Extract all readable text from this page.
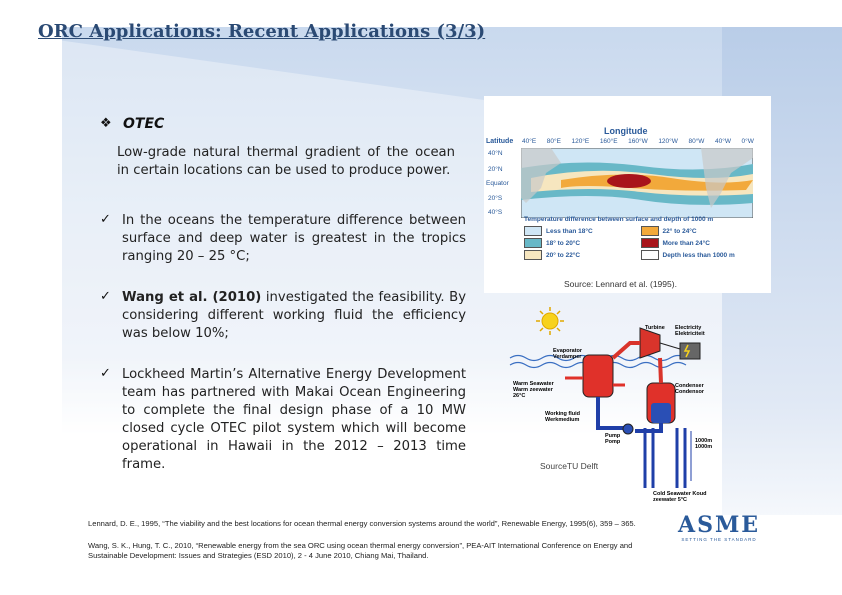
ORC Applications: Recent Applications (3/3)
❖ OTEC
Low-grade natural thermal gradient of the ocean in certain locations can be used to produce power.
✓ In the oceans the temperature difference between surface and deep water is greatest in the tropics ranging 20 – 25 °C;
✓ Wang et al. (2010) investigated the feasibility. By considering different working fluid the efficiency was below 10%;
✓ Lockheed Martin’s Alternative Energy Development team has partnered with Makai Ocean Engineering to complete the final design phase of a 10 MW closed cycle OTEC pilot system which will become operational in Hawaii in the 2012 – 2013 time frame.
Longitude
Latitude 40°E 80°E 120°E 160°E 160°W 120°W 80°W 40°W 0°W
40°N
20°N
Equator
20°S
40°S
Temperature difference between surface and depth of 1000 m
Less than 18°C	22° to 24°C
18° to 20°C	More than 24°C
20° to 22°C	Depth less than 1000 m
Source: Lennard et al. (1995).
Turbine Electricity Elektriciteit
Evaporator Verdamper
Warm Seawater Warm zeewater 26°C
Condenser Condensor
Working fluid Werkmedium
Pump Pomp	1000m 1000m
Cold Seawater Koud zeewater 5°C
SourceTU Delft
Lennard, D. E., 1995, “The viability and the best locations for ocean thermal energy conversion systems around the world”, Renewable Energy, 1995(6), 359 – 365.
Wang, S. K., Hung, T. C., 2010, “Renewable energy from the sea ORC using ocean thermal energy conversion”, PEA-AIT International Conference on Energy and Sustainable Development: Issues and Strategies (ESD 2010), 2 - 4 June 2010, Chiang Mai, Thailand.
ASME
SETTING THE STANDARD
